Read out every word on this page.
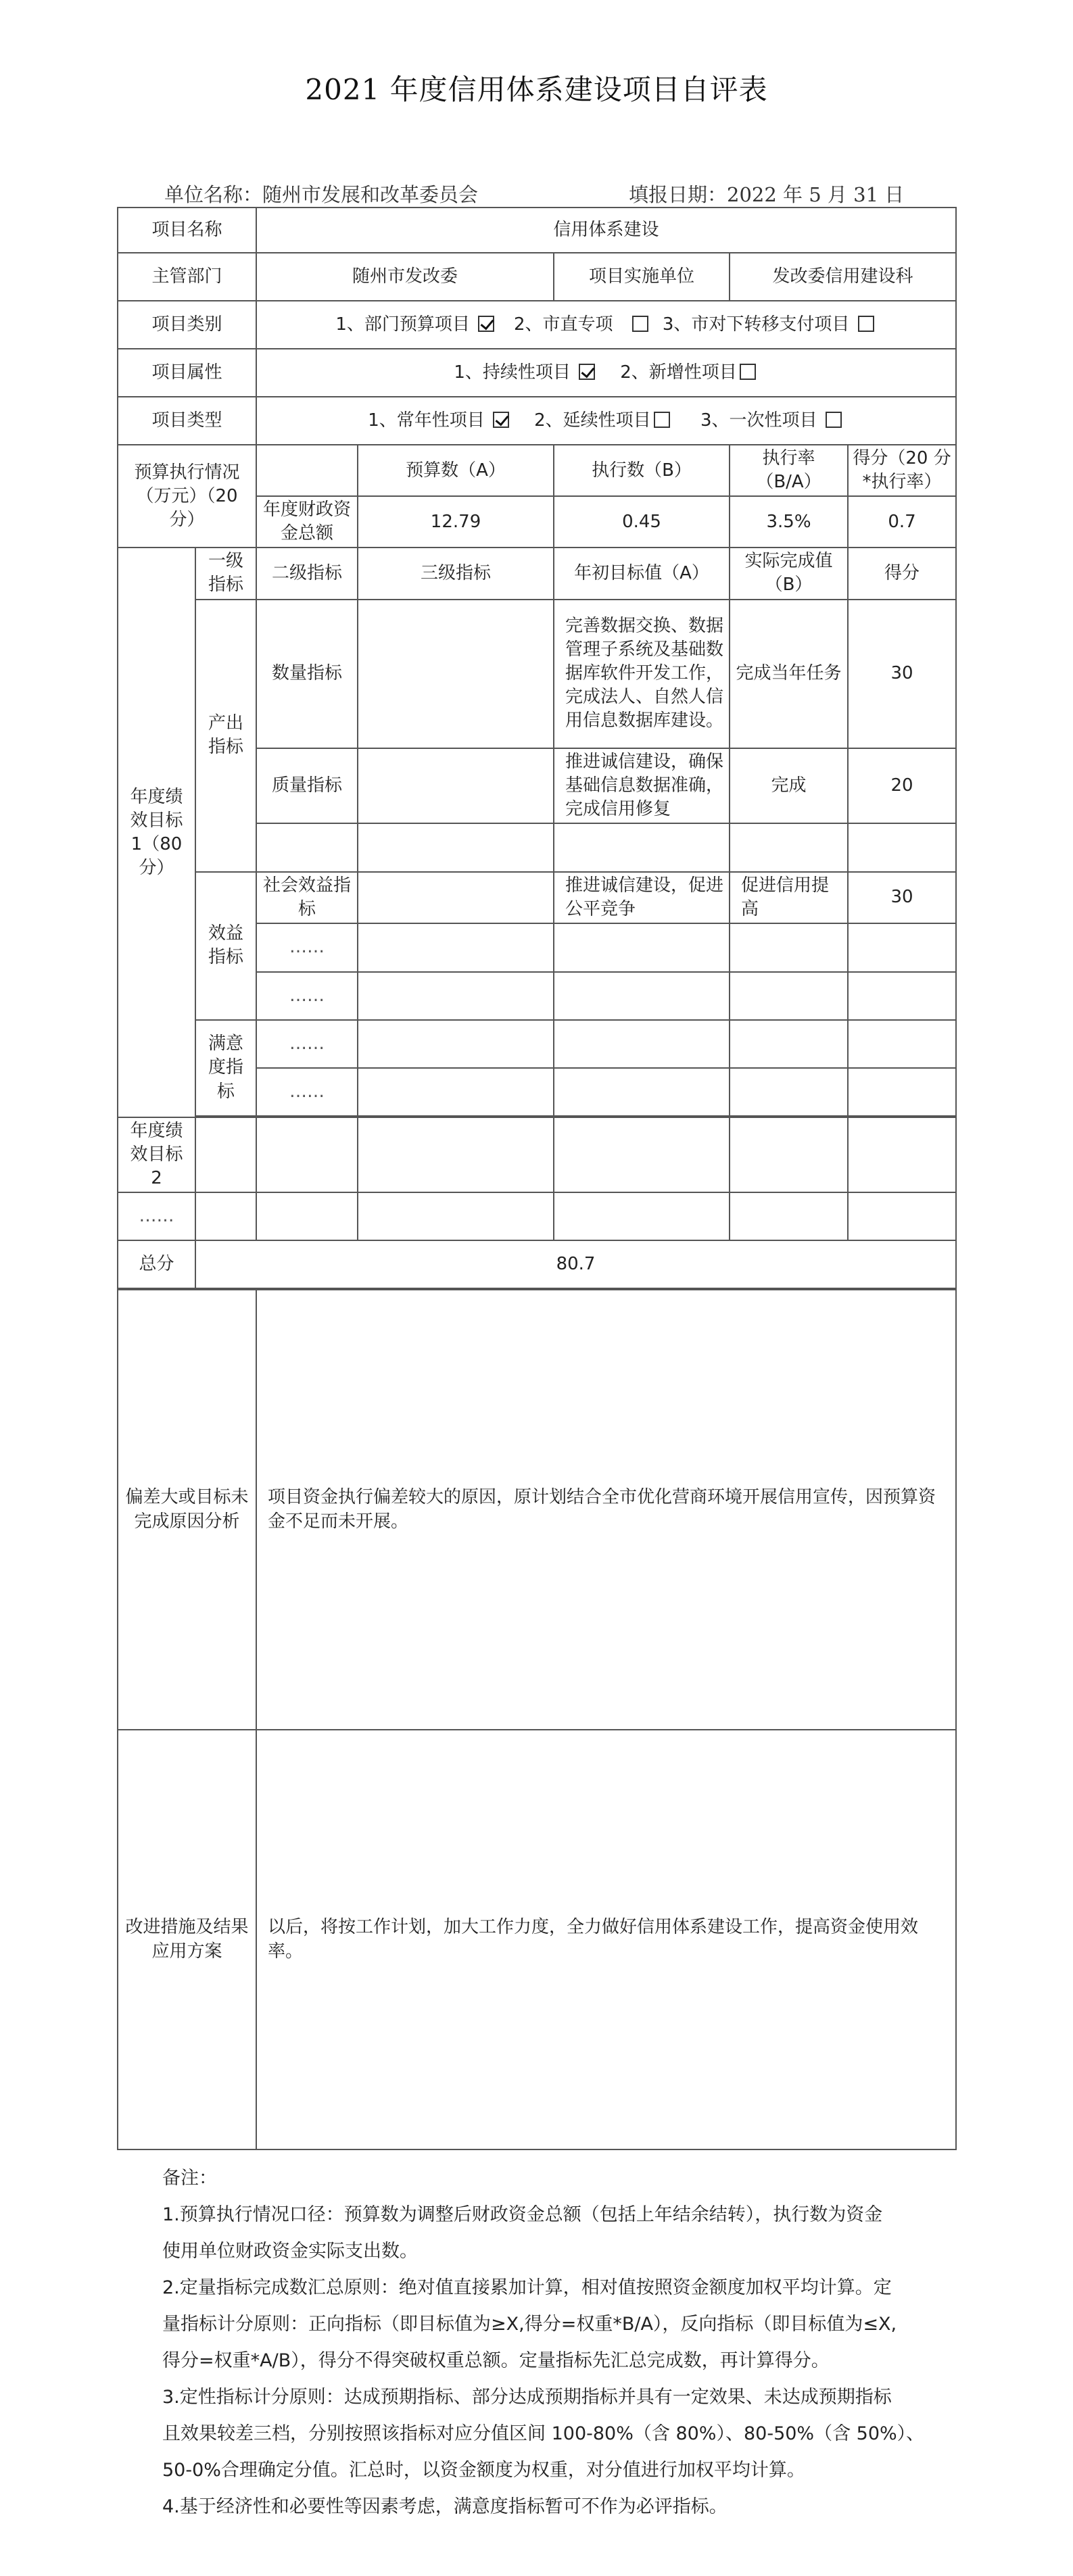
2021 年度信用体系建设项目自评表
单位名称：随州市发展和改革委员会	填报日期：2022 年 5 月 31 日
项目名称		信用体系建设				
主管部门		随州市发改委		项目实施单位	发改委信用建设科	
项目类别		1、部门预算项目 2、市直专项 3、市对下转移支付项目				
项目属性		1、持续性项目 2、新增性项目				
项目类型		1、常年性项目 2、延续性项目 3、一次性项目				
预算执行情况（万元）（20 分）			预算数（A）	执行数（B）	执行率（B/A）	得分（20 分*执行率）
		年度财政资金总额	12.79	0.45	3.5%	0.7
年度绩效目标 1（80 分）	一级指标	二级指标	三级指标	年初目标值（A）	实际完成值（B）	得分
	产出指标	数量指标		完善数据交换、数据管理子系统及基础数据库软件开发工作，完成法人、自然人信用信息数据库建设。	完成当年任务	30
		质量指标		推进诚信建设，确保基础信息数据准确，完成信用修复	完成	20

	效益指标	社会效益指标		推进诚信建设，促进公平竞争	促进信用提高	30
		……				
		……				
	满意度指标	……				
		……				

年度绩效目标 2						
……						
总分	80.7					
偏差大或目标未完成原因分析	项目资金执行偏差较大的原因，原计划结合全市优化营商环境开展信用宣传，因预算资金不足而未开展。
改进措施及结果应用方案	以后，将按工作计划，加大工作力度，全力做好信用体系建设工作，提高资金使用效率。

备注：

1.预算执行情况口径：预算数为调整后财政资金总额（包括上年结余结转），执行数为资金

使用单位财政资金实际支出数。

2.定量指标完成数汇总原则：绝对值直接累加计算，相对值按照资金额度加权平均计算。定

量指标计分原则：正向指标（即目标值为≥X,得分=权重*B/A），反向指标（即目标值为≤X,

得分=权重*A/B），得分不得突破权重总额。定量指标先汇总完成数，再计算得分。

3.定性指标计分原则：达成预期指标、部分达成预期指标并具有一定效果、未达成预期指标

且效果较差三档，分别按照该指标对应分值区间 100-80%（含 80%）、80-50%（含 50%）、

50-0%合理确定分值。汇总时，以资金额度为权重，对分值进行加权平均计算。

4.基于经济性和必要性等因素考虑，满意度指标暂可不作为必评指标。
